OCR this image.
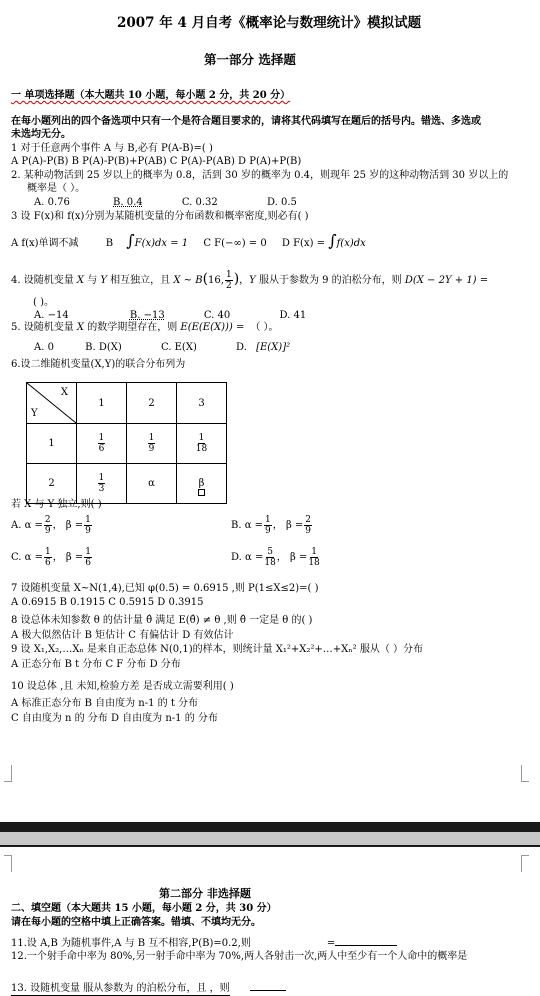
2007 年 4 月自考《概率论与数理统计》模拟试题
第一部分 选择题
一 单项选择题（本大题共 10 小题，每小题 2 分，共 20 分）
在每小题列出的四个备选项中只有一个是符合题目要求的，请将其代码填写在题后的括号内。错选、多选或
未选均无分。
1 对于任意两个事件 A 与 B,必有 P(A-B)=( )
A P(A)-P(B) B P(A)-P(B)+P(AB) C P(A)-P(AB) D P(A)+P(B)
2. 某种动物活到 25 岁以上的概率为 0.8，活到 30 岁的概率为 0.4，则现年 25 岁的这种动物活到 30 岁以上的
概率是（ ）。
A. 0.76	B. 0.4	C. 0.32	D. 0.5
3 设 F(x)和 f(x)分别为某随机变量的分布函数和概率密度,则必有( )
A f(x)单调不减	B ∫F(x)dx = 1 C F(−∞) = 0 D F(x) = ∫f(x)dx
4. 设随机变量 X 与 Y 相互独立，且 X ~ B(16, $\frac{1}{2}$ )，Y 服从于参数为 9 的泊松分布，则 D(X − 2Y + 1) =
( )。
A. −14	B. −13	C. 40	D. 41
5. 设随机变量 X 的数学期望存在，则 E(E(E(X))) = （ ）。
A. 0	B. D(X)	C. E(X)	D. [E(X)]²
6.设二维随机变量(X,Y)的联合分布列为
X
Y	1	2	3
1	$\frac{1}{6}$	$\frac{1}{9}$	$\frac{1}{18}$

2	$\frac{1}{3}$	α	β
若 X 与 Y 独立,则( )
A. $\alpha = \frac{2}{9}$ ， $\beta = \frac{1}{9}$	B. $\alpha = \frac{1}{9}$ ， $\beta = \frac{2}{9}$
C. $\alpha = \frac{1}{6}$ ， $\beta = \frac{1}{6}$	D. $\alpha = \frac{5}{18}$ ， $\beta = \frac{1}{18}$
7 设随机变量 X~N(1,4),已知 φ(0.5) = 0.6915 ,则 P(1≤X≤2)=( )
A 0.6915 B 0.1915 C 0.5915 D 0.3915
8 设总体未知参数 θ 的估计量 θ̂ 满足 E(θ̂) ≠ θ ,则 θ̂ 一定是 θ 的( )
A 极大似然估计 B 矩估计 C 有偏估计 D 有效估计
9 设 X₁,X₂,…Xₙ 是来自正态总体 N(0,1)的样本，则统计量 X₁²+X₂²+…+Xₙ² 服从（ ）分布
A 正态分布 B t 分布 C F 分布 D 分布
10 设总体 ,且 未知,检验方差 是否成立需要利用( )
A 标准正态分布 B 自由度为 n-1 的 t 分布
C 自由度为 n 的 分布 D 自由度为 n-1 的 分布
第二部分 非选择题
二、填空题（本大题共 15 小题，每小题 2 分，共 30 分）
请在每小题的空格中填上正确答案。错填、不填均无分。
11.设 A,B 为随机事件,A 与 B 互不相容,P(B)=0.2,则	=
12.一个射手命中率为 80%,另一射手命中率为 70%,两人各射击一次,两人中至少有一个人命中的概率是
13. 设随机变量 服从参数为 的泊松分布，且 ，则
